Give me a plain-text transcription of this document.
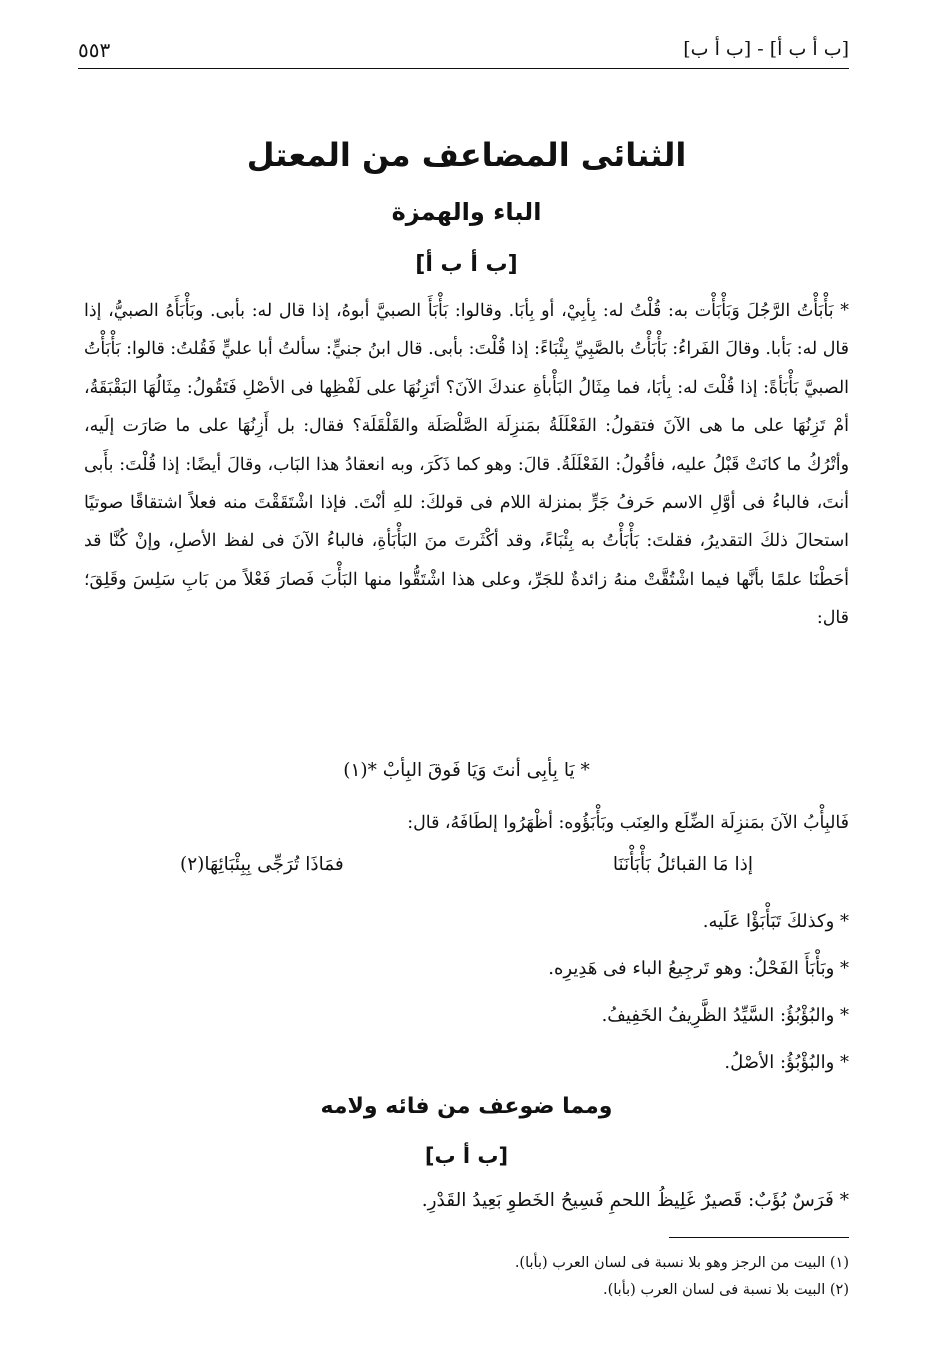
[ب أ ب أ] - [ب أ ب]
٥٥٣
الثنائى المضاعف من المعتل
الباء والهمزة
[ب أ ب أ]

* بَأْبَأْتُ الرَّجُلَ وَبَأْبَأْت به: قُلْتُ له: بِأبِيْ، أو بِأبَا. وقالوا: بَأْبَأَ الصبيَّ أبوهُ، إذا قال له: بأبى. وبَأْبَأَهُ الصبيُّ، إذا قال له: بَأبا. وقالَ الفَراءُ: بَأْبَأْتُ بالصَّبِيِّ بِئْبَاءً: إذا قُلْتَ: بأبى. قال ابنُ جنيٍّ: سألتُ أبا عليٍّ فَقُلتُ: قالوا: بَأْبَأْتُ الصبيَّ بَأْبَأةً: إذا قُلْتَ له: بِأبَا، فما مِثَالُ البَأْبأةِ عندكَ الآنَ؟ أتَزِنُهَا على لَفْظِها فى الأصْلِ فَتَقُولُ: مِثَالُهَا البَقْبَقَةُ، أمْ تَزِنُهَا على ما هى الآنَ فتقولُ: الفَعْلَلَةُ بمَنزِلَة الصَّلْصَلَة والقَلْقَلَة؟ فقال: بل أَزِنُهَا على ما صَارَت إلَيه، وأتْرُكُ ما كانَتْ قَبْلُ عليه، فأقُولُ: الفَعْلَلَةُ. قالَ: وهو كما ذَكَرَ، وبه انعقادُ هذا البَاب، وقالَ أيضًا: إذا قُلْتَ: بأَبى أنتَ، فالباءُ فى أوَّلِ الاسم حَرفُ جَرٍّ بمنزلة اللام فى قولكَ: للهِ أنْتَ. فإذا اشْتَقَقْتَ منه فعلاً اشتقاقًا صوتيًا استحالَ ذلكَ التقديرُ، فقلتَ: بَأْبَأْتُ به بِئْبَاءً، وقد أكْثَرتَ منَ البَأْبَأةِ، فالباءُ الآنَ فى لفظ الأصلِ، وإنْ كُنَّا قد أحَطْنَا علمًا بأنَّها فيما اشْتُقَّتْ منهُ زائدةٌ للجَرِّ، وعلى هذا اشْتَقُّوا منها البَأْبَ فَصارَ فَعْلاً من بَابِ سَلِسَ وقَلِقَ؛ قال:

* يَا بِأبِى أنتَ وَيَا فَوقَ البِأبْ *(١)
فَالبِأْبُ الآنَ بمَنزِلَة الضِّلَع والعِنَب وبَأْبَؤُوه: أظْهَرُوا إلطَافَهُ، قال:
إذا مَا القبائلُ بَأْبَأْنَنَا
فمَاذَا تُرَجِّى بِبِئْبَائِهَا(٢)
* وكذلكَ تَبَأْبَؤْا عَلَيه.
* وبَأْبَأَ الفَحْلُ: وهو تَرجِيعُ الباء فى هَدِيرِه.
* والبُؤْبُؤُ: السَّيِّدُ الظَّرِيفُ الخَفِيفُ.
* والبُؤْبُؤُ: الأصْلُ.
ومما ضوعف من فائه ولامه
[ب أ ب]
* فَرَسٌ بُؤَبٌ: قَصيرٌ غَلِيظُ اللحمِ فَسِيحُ الخَطوِ بَعِيدُ القَدْرِ.
(١) البيت من الرجز وهو بلا نسبة فى لسان العرب (بأبا).
(٢) البيت بلا نسبة فى لسان العرب (بأبا).
